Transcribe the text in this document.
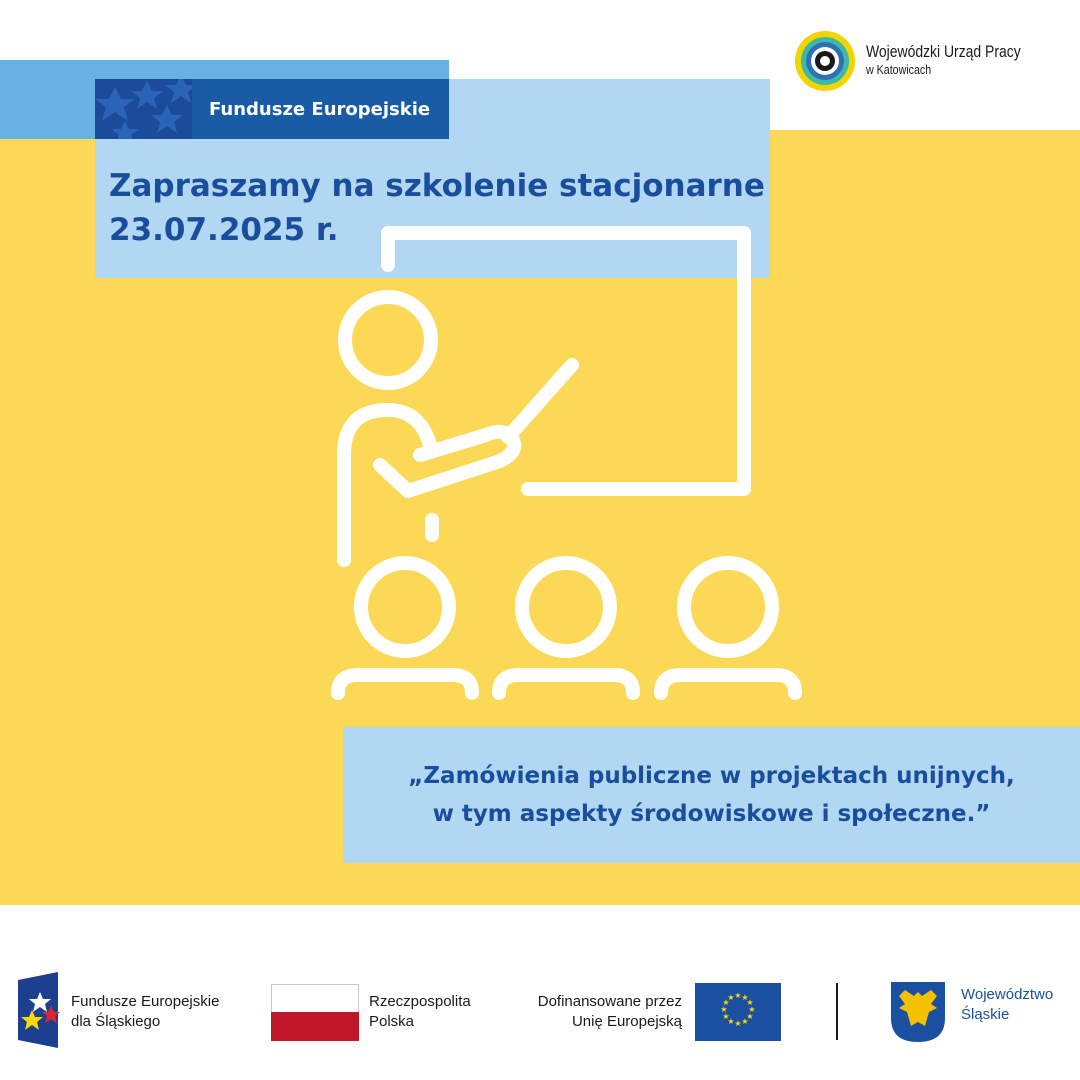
Fundusze Europejskie
Zapraszamy na szkolenie stacjonarne
23.07.2025 r.
Wojewódzki Urząd Pracy
w Katowicach
„Zamówienia publiczne w projektach unijnych,
w tym aspekty środowiskowe i społeczne.”
Fundusze Europejskie
dla Śląskiego
Rzeczpospolita
Polska
Dofinansowane przez
Unię Europejską
★ ★
★
★
★
★
★
★
★
★
★
★	Województwo
Śląskie
